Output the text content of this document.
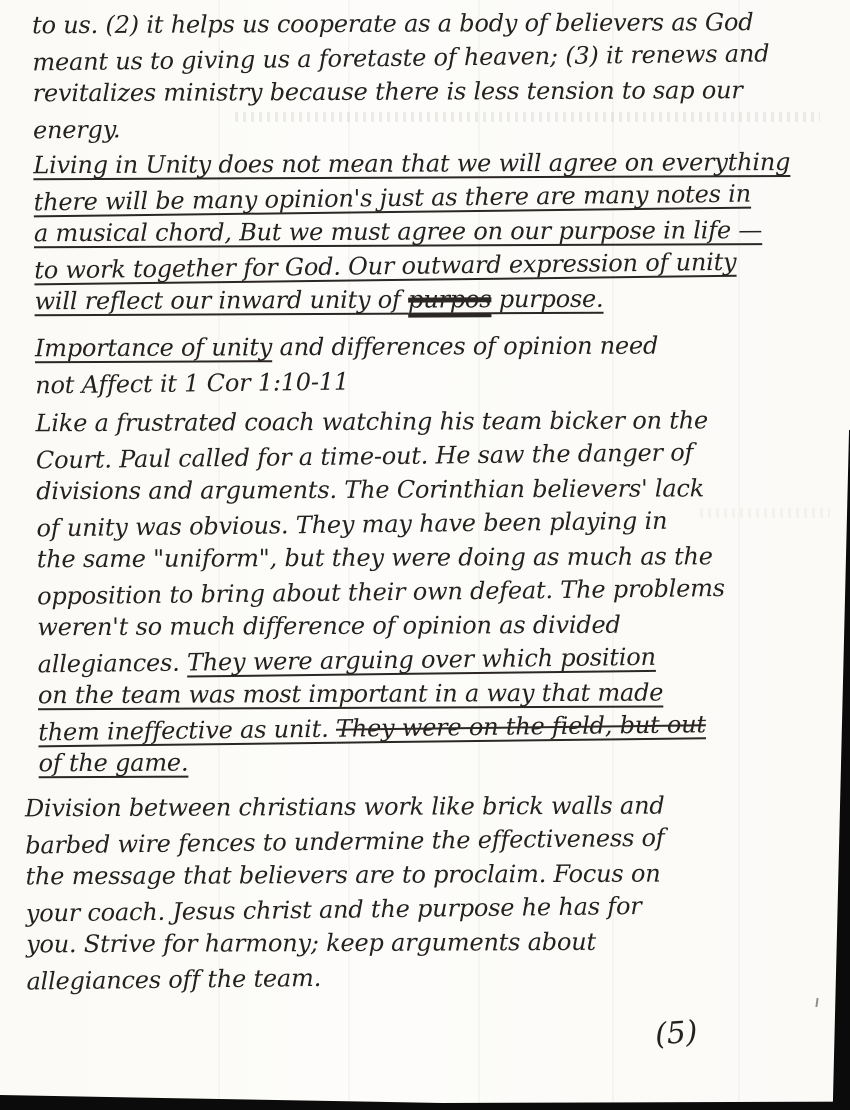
to us. (2) it helps us cooperate as a body of believers as God
meant us to giving us a foretaste of heaven; (3) it renews and
revitalizes ministry because there is less tension to sap our
energy.
Living in Unity does not mean that we will agree on everything
there will be many opinion's just as there are many notes in
a musical chord, But we must agree on our purpose in life —
to work together for God. Our outward expression of unity
will reflect our inward unity of purpos purpose.
Importance of unity and differences of opinion need
not Affect it 1 Cor 1:10-11
Like a frustrated coach watching his team bicker on the
Court. Paul called for a time-out. He saw the danger of
divisions and arguments. The Corinthian believers' lack
of unity was obvious. They may have been playing in
the same "uniform", but they were doing as much as the
opposition to bring about their own defeat. The problems
weren't so much difference of opinion as divided
allegiances. They were arguing over which position
on the team was most important in a way that made
them ineffective as unit. They were on the field, but out
of the game.
Division between christians work like brick walls and
barbed wire fences to undermine the effectiveness of
the message that believers are to proclaim. Focus on
your coach. Jesus christ and the purpose he has for
you. Strive for harmony; keep arguments about
allegiances off the team.
(5)
